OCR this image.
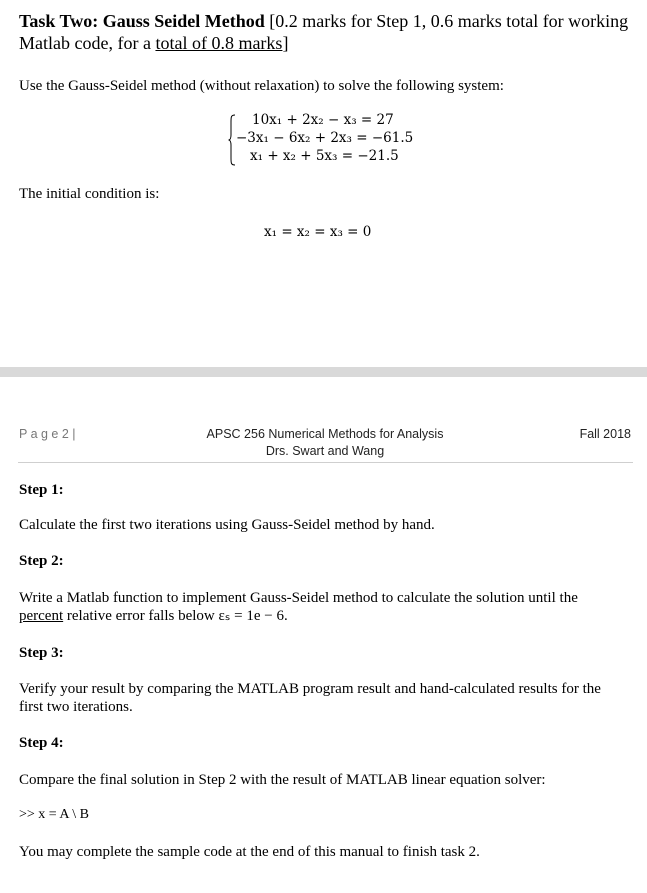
Task Two: Gauss Seidel Method [0.2 marks for Step 1, 0.6 marks total for working Matlab code, for a total of 0.8 marks]
Use the Gauss-Seidel method (without relaxation) to solve the following system:
10x₁ + 2x₂ − x₃ = 27
−3x₁ − 6x₂ + 2x₃ = −61.5
x₁ + x₂ + 5x₃ = −21.5
The initial condition is:
x₁ = x₂ = x₃ = 0
P a g e 2 |	APSC 256 Numerical Methods for Analysis
Drs. Swart and Wang
Fall 2018
Step 1:
Calculate the first two iterations using Gauss-Seidel method by hand.
Step 2:
Write a Matlab function to implement Gauss-Seidel method to calculate the solution until the percent relative error falls below εₛ = 1e − 6.
Step 3:
Verify your result by comparing the MATLAB program result and hand-calculated results for the first two iterations.
Step 4:
Compare the final solution in Step 2 with the result of MATLAB linear equation solver:
>> x = A \ B
You may complete the sample code at the end of this manual to finish task 2.
